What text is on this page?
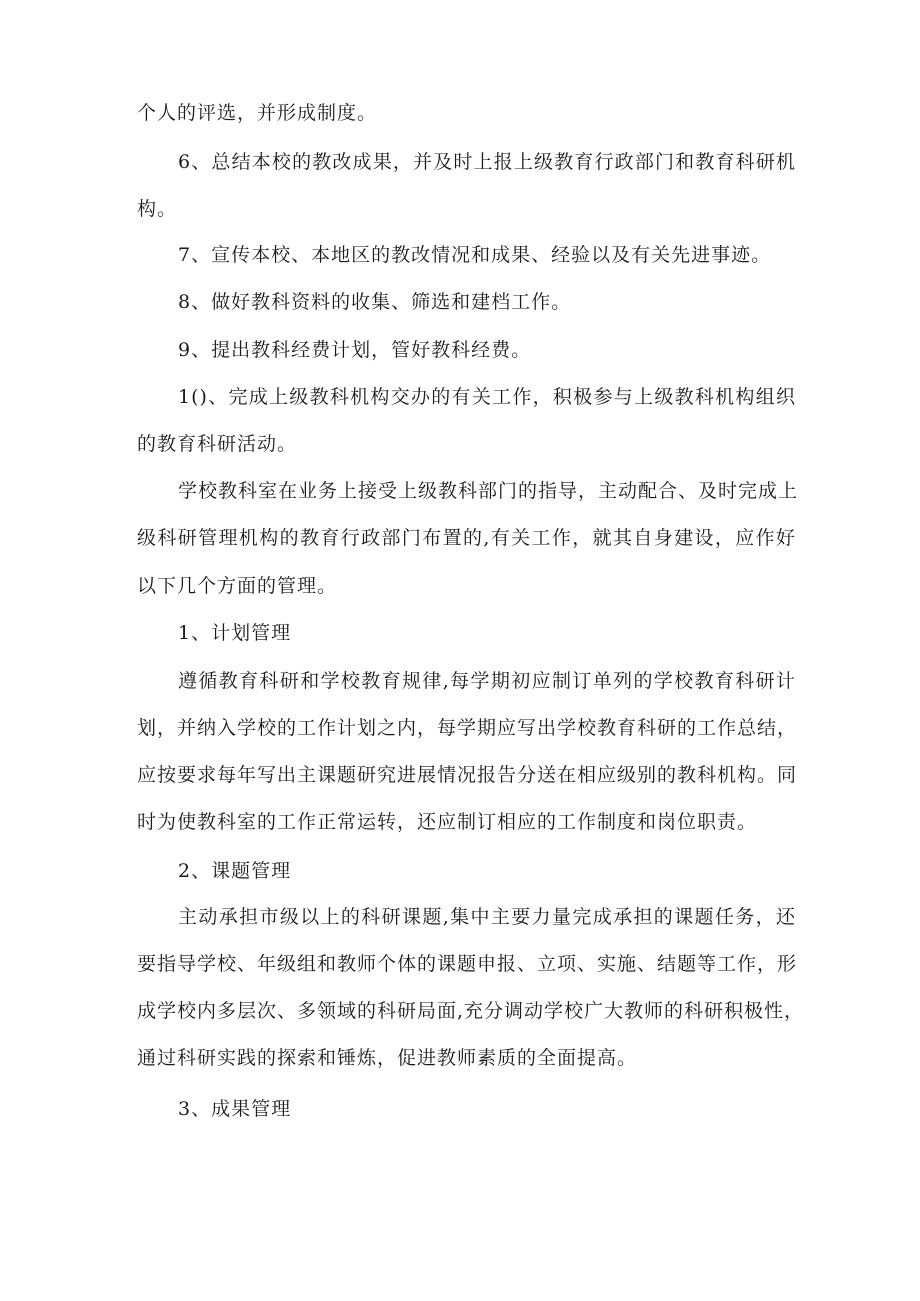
个人的评选，并形成制度。
6、总结本校的教改成果，并及时上报上级教育行政部门和教育科研机
构。
7、宣传本校、本地区的教改情况和成果、经验以及有关先进事迹。
8、做好教科资料的收集、筛选和建档工作。
9、提出教科经费计划，管好教科经费。
1()、完成上级教科机构交办的有关工作，积极参与上级教科机构组织
的教育科研活动。
学校教科室在业务上接受上级教科部门的指导，主动配合、及时完成上
级科研管理机构的教育行政部门布置的,有关工作，就其自身建设，应作好
以下几个方面的管理。
1、计划管理
遵循教育科研和学校教育规律,每学期初应制订单列的学校教育科研计
划，并纳入学校的工作计划之内，每学期应写出学校教育科研的工作总结，
应按要求每年写出主课题研究进展情况报告分送在相应级别的教科机构。同
时为使教科室的工作正常运转，还应制订相应的工作制度和岗位职责。
2、课题管理
主动承担市级以上的科研课题,集中主要力量完成承担的课题任务，还
要指导学校、年级组和教师个体的课题申报、立项、实施、结题等工作，形
成学校内多层次、多领域的科研局面,充分调动学校广大教师的科研积极性，
通过科研实践的探索和锤炼，促进教师素质的全面提高。
3、成果管理
